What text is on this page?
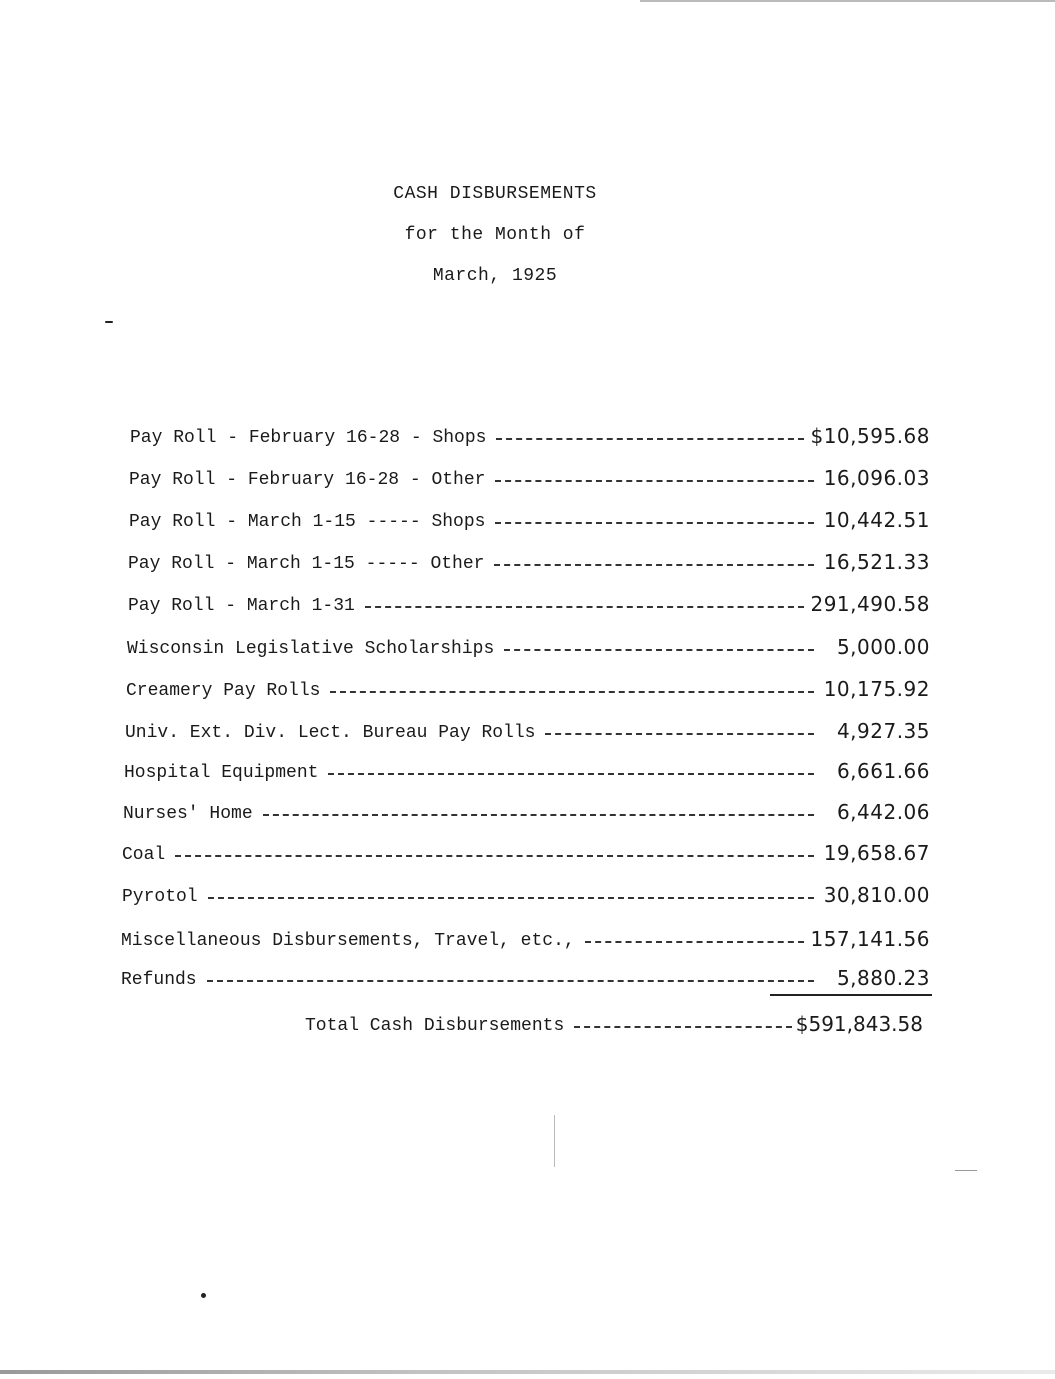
CASH DISBURSEMENTS
for the Month of
March, 1925
Pay Roll - February 16-28 - Shops	$10,595.68
Pay Roll - February 16-28 - Other	16,096.03
Pay Roll - March 1-15 ----- Shops	10,442.51
Pay Roll - March 1-15 ----- Other	16,521.33
Pay Roll - March 1-31	291,490.58
Wisconsin Legislative Scholarships	5,000.00
Creamery Pay Rolls	10,175.92
Univ. Ext. Div. Lect. Bureau Pay Rolls	4,927.35
Hospital Equipment	6,661.66
Nurses' Home	6,442.06
Coal	19,658.67
Pyrotol	30,810.00
Miscellaneous Disbursements, Travel, etc.,	157,141.56
Refunds	5,880.23
Total Cash Disbursements	$591,843.58
